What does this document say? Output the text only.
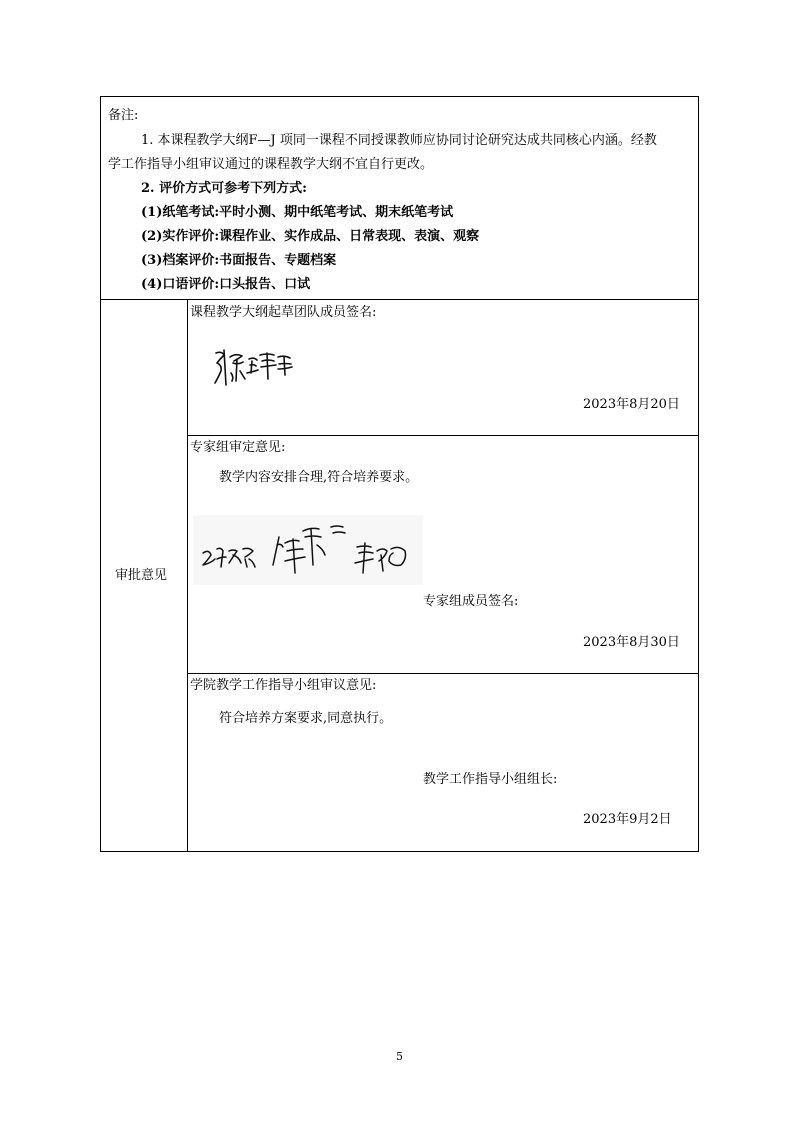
备注:
1. 本课程教学大纲F—J 项同一课程不同授课教师应协同讨论研究达成共同核心内涵。经教
学工作指导小组审议通过的课程教学大纲不宜自行更改。
2. 评价方式可参考下列方式:
(1)纸笔考试:平时小测、期中纸笔考试、期末纸笔考试
(2)实作评价:课程作业、实作成品、日常表现、表演、观察
(3)档案评价:书面报告、专题档案
(4)口语评价:口头报告、口试
审批意见
课程教学大纲起草团队成员签名:
2023年8月20日
专家组审定意见:
教学内容安排合理,符合培养要求。
专家组成员签名:
2023年8月30日
学院教学工作指导小组审议意见:
符合培养方案要求,同意执行。
教学工作指导小组组长:
2023年9月2日
5
